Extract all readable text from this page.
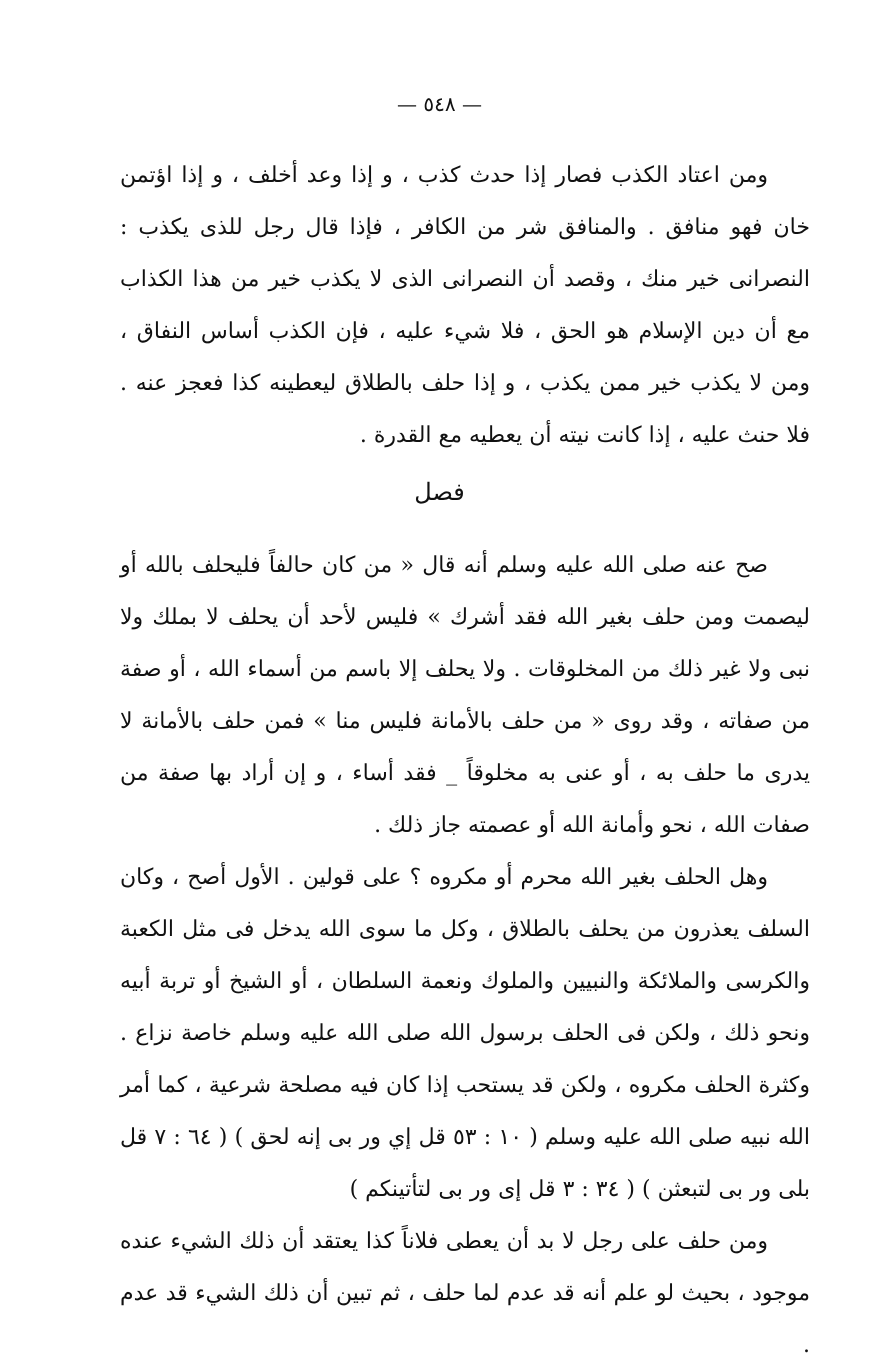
— ٥٤٨ —

ومن اعتاد الكذب فصار إذا حدث كذب ، و إذا وعد أخلف ، و إذا اؤتمن خان فهو منافق . والمنافق شر من الكافر ، فإذا قال رجل للذى يكذب : النصرانى خير منك ، وقصد أن النصرانى الذى لا يكذب خير من هذا الكذاب مع أن دين الإسلام هو الحق ، فلا شيء عليه ، فإن الكذب أساس النفاق ، ومن لا يكذب خير ممن يكذب ، و إذا حلف بالطلاق ليعطينه كذا فعجز عنه . فلا حنث عليه ، إذا كانت نيته أن يعطيه مع القدرة .

فصل

صح عنه صلى الله عليه وسلم أنه قال « من كان حالفاً فليحلف بالله أو ليصمت ومن حلف بغير الله فقد أشرك » فليس لأحد أن يحلف لا بملك ولا نبى ولا غير ذلك من المخلوقات . ولا يحلف إلا باسم من أسماء الله ، أو صفة من صفاته ، وقد روى « من حلف بالأمانة فليس منا » فمن حلف بالأمانة لا يدرى ما حلف به ، أو عنى به مخلوقاً _ فقد أساء ، و إن أراد بها صفة من صفات الله ، نحو وأمانة الله أو عصمته جاز ذلك .

وهل الحلف بغير الله محرم أو مكروه ؟ على قولين . الأول أصح ، وكان السلف يعذرون من يحلف بالطلاق ، وكل ما سوى الله يدخل فى مثل الكعبة والكرسى والملائكة والنبيين والملوك ونعمة السلطان ، أو الشيخ أو تربة أبيه ونحو ذلك ، ولكن فى الحلف برسول الله صلى الله عليه وسلم خاصة نزاع . وكثرة الحلف مكروه ، ولكن قد يستحب إذا كان فيه مصلحة شرعية ، كما أمر الله نبيه صلى الله عليه وسلم ( ١٠ : ٥٣ قل إي ور بى إنه لحق ) ( ٦٤ : ٧ قل بلى ور بى لتبعثن ) ( ٣٤ : ٣ قل إى ور بى لتأتينكم )

ومن حلف على رجل لا بد أن يعطى فلاناً كذا يعتقد أن ذلك الشيء عنده موجود ، بحيث لو علم أنه قد عدم لما حلف ، ثم تبين أن ذلك الشيء قد عدم .
